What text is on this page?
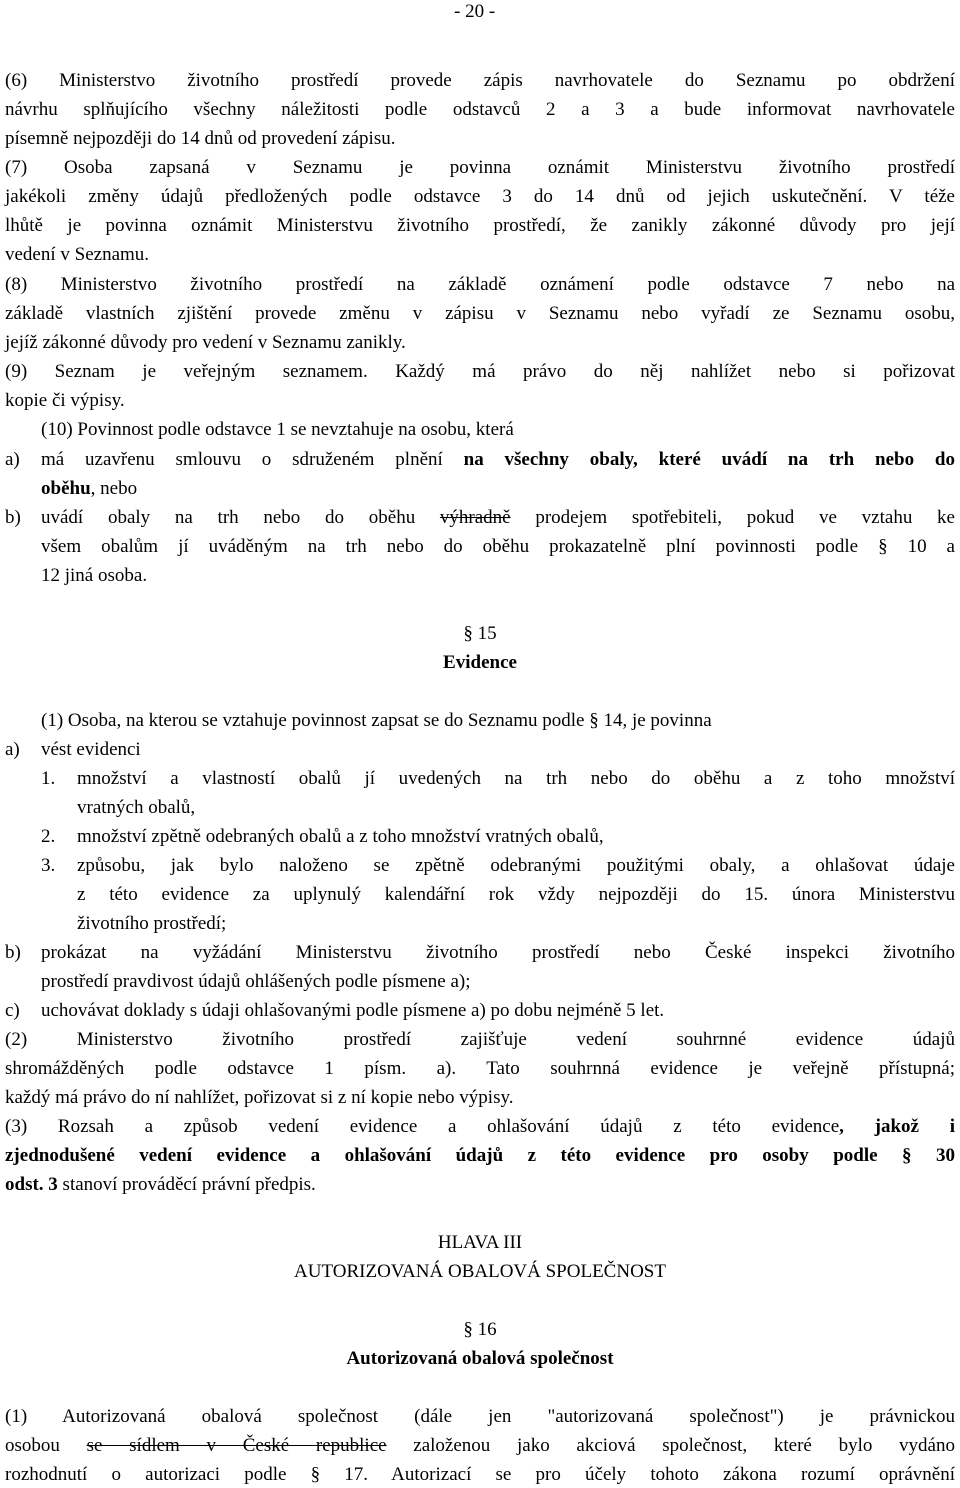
- 20 -
(6) Ministerstvo životního prostředí provede zápis navrhovatele do Seznamu po obdržení
návrhu splňujícího všechny náležitosti podle odstavců 2 a 3 a bude informovat navrhovatele
písemně nejpozději do 14 dnů od provedení zápisu.
(7) Osoba zapsaná v Seznamu je povinna oznámit Ministerstvu životního prostředí
jakékoli změny údajů předložených podle odstavce 3 do 14 dnů od jejich uskutečnění. V téže
lhůtě je povinna oznámit Ministerstvu životního prostředí, že zanikly zákonné důvody pro její
vedení v Seznamu.
(8) Ministerstvo životního prostředí na základě oznámení podle odstavce 7 nebo na
základě vlastních zjištění provede změnu v zápisu v Seznamu nebo vyřadí ze Seznamu osobu,
jejíž zákonné důvody pro vedení v Seznamu zanikly.
(9) Seznam je veřejným seznamem. Každý má právo do něj nahlížet nebo si pořizovat
kopie či výpisy.
(10) Povinnost podle odstavce 1 se nevztahuje na osobu, která
a) má uzavřenu smlouvu o sdruženém plnění na všechny obaly, které uvádí na trh nebo do
oběhu, nebo
b) uvádí obaly na trh nebo do oběhu výhradně prodejem spotřebiteli, pokud ve vztahu ke
všem obalům jí uváděným na trh nebo do oběhu prokazatelně plní povinnosti podle § 10 a
12 jiná osoba.
§ 15
Evidence
(1) Osoba, na kterou se vztahuje povinnost zapsat se do Seznamu podle § 14, je povinna
a) vést evidenci
1. množství a vlastností obalů jí uvedených na trh nebo do oběhu a z toho množství
vratných obalů,
2. množství zpětně odebraných obalů a z toho množství vratných obalů,
3. způsobu, jak bylo naloženo se zpětně odebranými použitými obaly, a ohlašovat údaje
z této evidence za uplynulý kalendářní rok vždy nejpozději do 15. února Ministerstvu
životního prostředí;
b) prokázat na vyžádání Ministerstvu životního prostředí nebo České inspekci životního
prostředí pravdivost údajů ohlášených podle písmene a);
c) uchovávat doklady s údaji ohlašovanými podle písmene a) po dobu nejméně 5 let.
(2) Ministerstvo životního prostředí zajišťuje vedení souhrnné evidence údajů
shromážděných podle odstavce 1 písm. a). Tato souhrnná evidence je veřejně přístupná;
každý má právo do ní nahlížet, pořizovat si z ní kopie nebo výpisy.
(3) Rozsah a způsob vedení evidence a ohlašování údajů z této evidence, jakož i
zjednodušené vedení evidence a ohlašování údajů z této evidence pro osoby podle § 30
odst. 3 stanoví prováděcí právní předpis.
HLAVA III
AUTORIZOVANÁ OBALOVÁ SPOLEČNOST
§ 16
Autorizovaná obalová společnost
(1) Autorizovaná obalová společnost (dále jen "autorizovaná společnost") je právnickou
osobou se sídlem v České republice založenou jako akciová společnost, které bylo vydáno
rozhodnutí o autorizaci podle § 17. Autorizací se pro účely tohoto zákona rozumí oprávnění
